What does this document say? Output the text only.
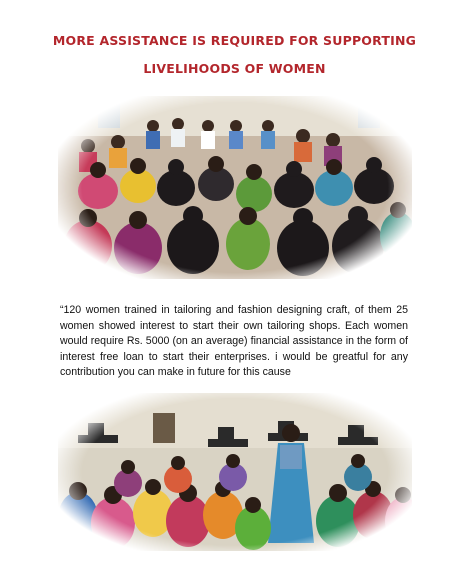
MORE ASSISTANCE IS REQUIRED FOR SUPPORTING
LIVELIHOODS OF WOMEN
“120 women trained in tailoring and fashion designing craft, of them 25 women showed interest to start their own tailoring shops. Each women would require Rs. 5000 (on an average) financial assistance in the form of interest free loan to start their enterprises. i would be greatful for any contribution you can make in future for this cause
